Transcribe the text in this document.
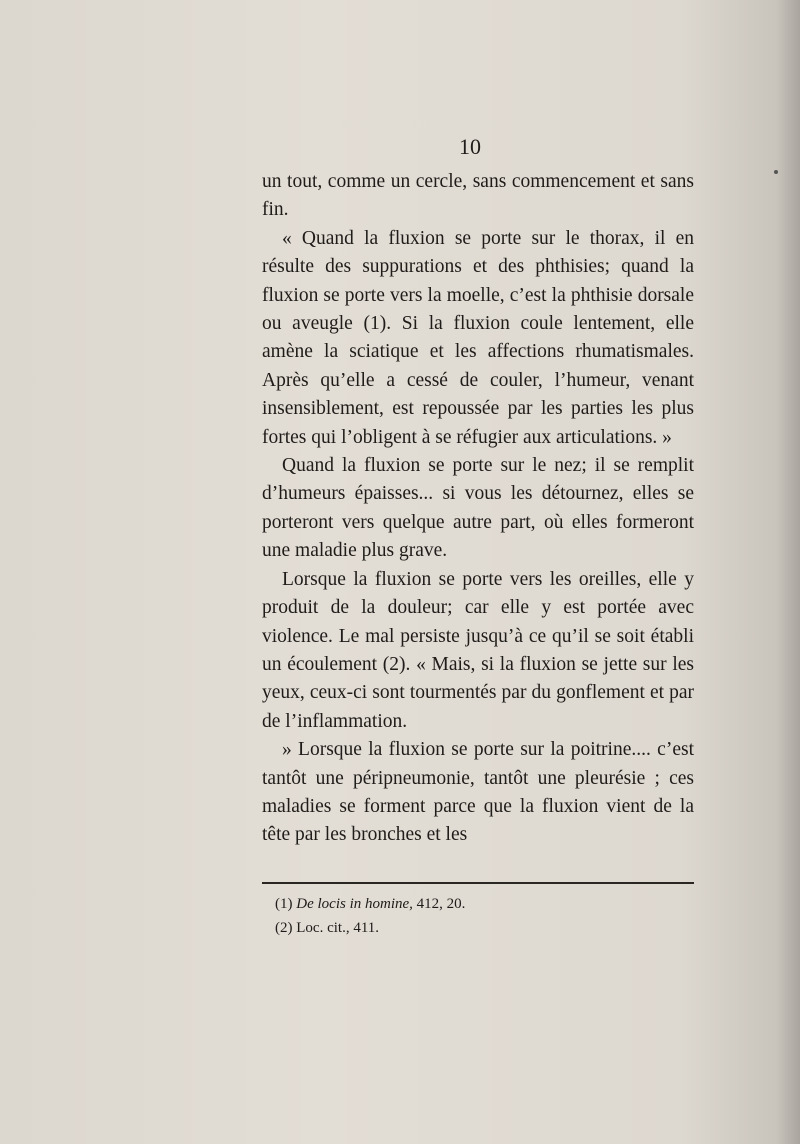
10

un tout, comme un cercle, sans commencement et sans fin.

« Quand la fluxion se porte sur le thorax, il en résulte des suppurations et des phthisies; quand la fluxion se porte vers la moelle, c’est la phthisie dorsale ou aveugle (1). Si la fluxion coule lentement, elle amène la sciatique et les affections rhumatismales. Après qu’elle a cessé de couler, l’humeur, venant insensiblement, est repoussée par les parties les plus fortes qui l’obligent à se réfugier aux articulations. »

Quand la fluxion se porte sur le nez; il se remplit d’humeurs épaisses... si vous les détournez, elles se porteront vers quelque autre part, où elles formeront une maladie plus grave.

Lorsque la fluxion se porte vers les oreilles, elle y produit de la douleur; car elle y est portée avec violence. Le mal persiste jusqu’à ce qu’il se soit établi un écoulement (2). « Mais, si la fluxion se jette sur les yeux, ceux-ci sont tourmentés par du gonflement et par de l’inflammation.

» Lorsque la fluxion se porte sur la poitrine.... c’est tantôt une péripneumonie, tantôt une pleurésie ; ces maladies se forment parce que la fluxion vient de la tête par les bronches et les

(1) De locis in homine, 412, 20.
(2) Loc. cit., 411.
